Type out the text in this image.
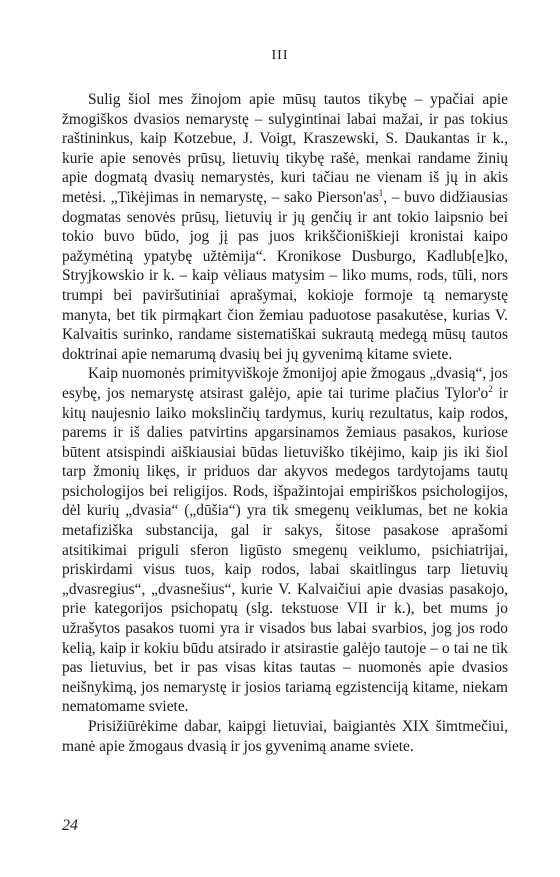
III

Sulig šiol mes žinojom apie mūsų tautos tikybę – ypačiai apie žmogiškos dvasios nemarystę – sulygintinai labai mažai, ir pas tokius raštininkus, kaip Kotzebue, J. Voigt, Kraszewski, S. Daukantas ir k., kurie apie senovės prūsų, lietuvių tikybę rašė, menkai randame žinių apie dogmatą dvasių nemarystės, kuri tačiau ne vienam iš jų in akis metėsi. „Tikėjimas in nemarystę, – sako $Pierson'as^1$, – buvo didžiausias dogmatas senovės prūsų, lietuvių ir jų genčių ir ant tokio laipsnio bei tokio buvo būdo, jog jį pas juos krikščioniškieji kronistai kaipo pažymėtiną ypatybę užtėmija“. Kronikose Dusburgo, Kadlub[e]ko, Stryjkowskio ir k. – kaip vėliaus matysim – liko mums, rods, tūli, nors trumpi bei paviršutiniai aprašymai, kokioje formoje tą nemarystę manyta, bet tik pirmąkart čion žemiau paduotose pasakutėse, kurias V. Kalvaitis surinko, randame sistematiškai sukrautą medegą mūsų tautos doktrinai apie nemarumą dvasių bei jų gyvenimą kitame sviete.

Kaip nuomonės primityviškoje žmonijoj apie žmogaus „dvasią“, jos esybę, jos nemarystę atsirast galėjo, apie tai turime plačius $Tylor'o^2$ ir kitų naujesnio laiko mokslinčių tardymus, kurių rezultatus, kaip rodos, parems ir iš dalies patvirtins apgarsinamos žemiaus pasakos, kuriose būtent atsispindi aiškiausiai būdas lietuviško tikėjimo, kaip jis iki šiol tarp žmonių likęs, ir priduos dar akyvos medegos tardytojams tautų psichologijos bei religijos. Rods, išpažintojai empiriškos psichologijos, dėl kurių „dvasia“ („dūšia“) yra tik smegenų veiklumas, bet ne kokia metafiziška substancija, gal ir sakys, šitose pasakose aprašomi atsitikimai priguli sferon ligūsto smegenų veiklumo, psichiatrijai, priskirdami visus tuos, kaip rodos, labai skaitlingus tarp lietuvių „dvasregius“, „dvasnešius“, kurie V. Kalvaičiui apie dvasias pasakojo, prie kategorijos psichopatų (slg. tekstuose VII ir k.), bet mums jo užrašytos pasakos tuomi yra ir visados bus labai svarbios, jog jos rodo kelią, kaip ir kokiu būdu atsirado ir atsirastie galėjo tautoje – o tai ne tik pas lietuvius, bet ir pas visas kitas tautas – nuomonės apie dvasios neišnykimą, jos nemarystę ir josios tariamą egzistenciją kitame, niekam nematomame sviete.

Prisižiūrėkime dabar, kaipgi lietuviai, baigiantės XIX šimtmečiui, manė apie žmogaus dvasią ir jos gyvenimą aname sviete.

24
